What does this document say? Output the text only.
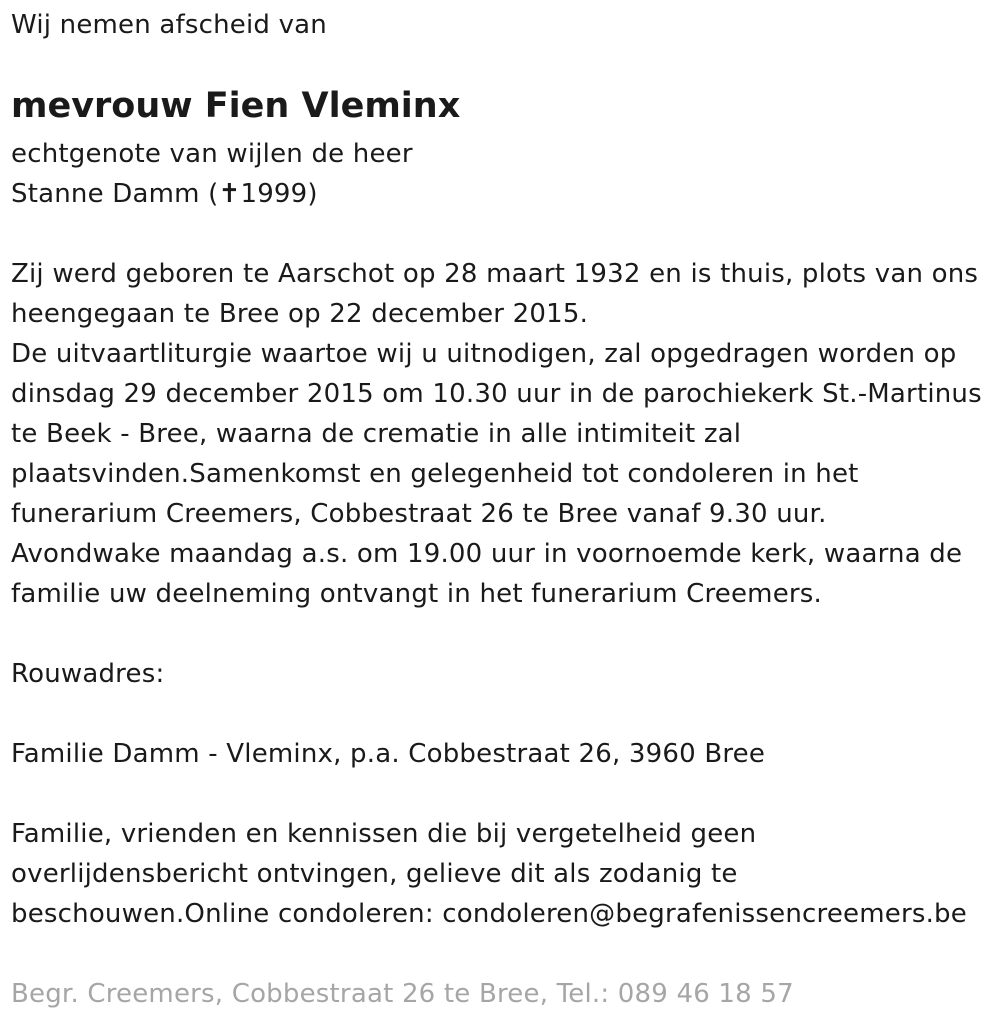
Wij nemen afscheid van
mevrouw Fien Vleminx
echtgenote van wijlen de heer
Stanne Damm (✝1999)
Zij werd geboren te Aarschot op 28 maart 1932 en is thuis, plots van ons
heengegaan te Bree op 22 december 2015.
De uitvaartliturgie waartoe wij u uitnodigen, zal opgedragen worden op
dinsdag 29 december 2015 om 10.30 uur in de parochiekerk St.-Martinus
te Beek - Bree, waarna de crematie in alle intimiteit zal
plaatsvinden.Samenkomst en gelegenheid tot condoleren in het
funerarium Creemers, Cobbestraat 26 te Bree vanaf 9.30 uur.
Avondwake maandag a.s. om 19.00 uur in voornoemde kerk, waarna de
familie uw deelneming ontvangt in het funerarium Creemers.
Rouwadres:
Familie Damm - Vleminx, p.a. Cobbestraat 26, 3960 Bree
Familie, vrienden en kennissen die bij vergetelheid geen
overlijdensbericht ontvingen, gelieve dit als zodanig te
beschouwen.Online condoleren: condoleren@begrafenissencreemers.be
Begr. Creemers, Cobbestraat 26 te Bree, Tel.: 089 46 18 57
